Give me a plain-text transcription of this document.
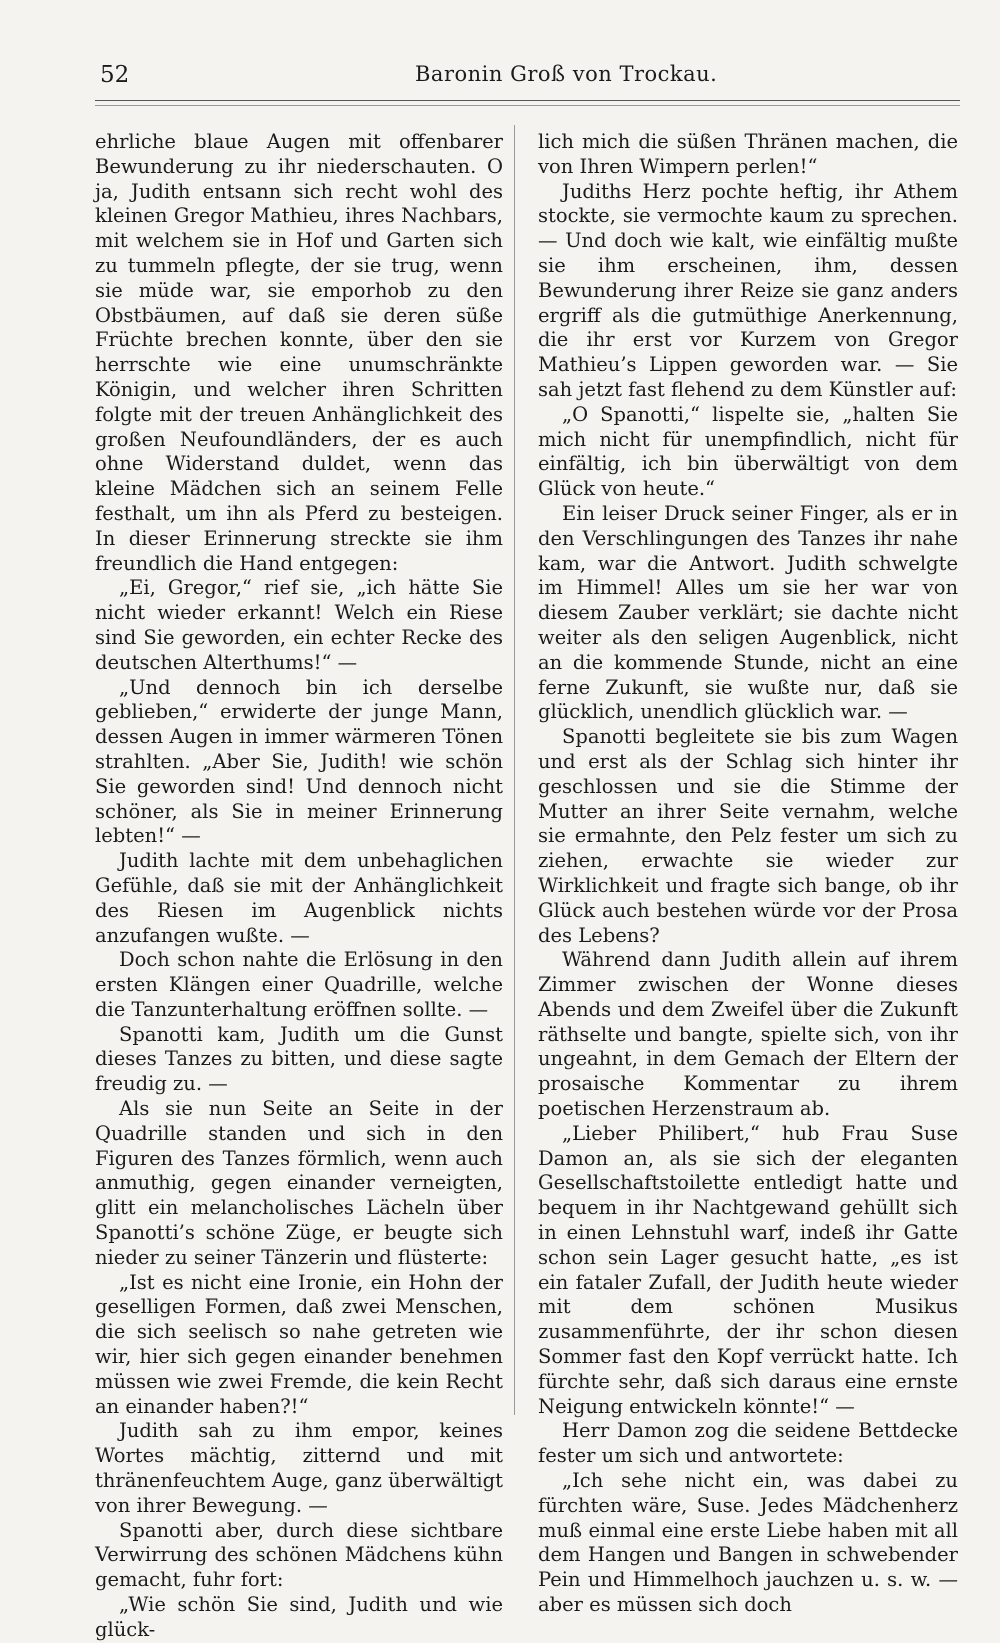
52	Baronin Groß von Trockau.

ehrliche blaue Augen mit offenbarer Bewunderung zu ihr niederschauten. O ja, Judith entsann sich recht wohl des kleinen Gregor Mathieu, ihres Nachbars, mit welchem sie in Hof und Garten sich zu tummeln pflegte, der sie trug, wenn sie müde war, sie emporhob zu den Obstbäumen, auf daß sie deren süße Früchte brechen konnte, über den sie herrschte wie eine unumschränkte Königin, und welcher ihren Schritten folgte mit der treuen Anhänglichkeit des großen Neufoundländers, der es auch ohne Widerstand duldet, wenn das kleine Mädchen sich an seinem Felle festhalt, um ihn als Pferd zu besteigen. In dieser Erinnerung streckte sie ihm freundlich die Hand entgegen:

„Ei, Gregor,“ rief sie, „ich hätte Sie nicht wieder erkannt! Welch ein Riese sind Sie geworden, ein echter Recke des deutschen Alterthums!“ —

„Und dennoch bin ich derselbe geblieben,“ erwiderte der junge Mann, dessen Augen in immer wärmeren Tönen strahlten. „Aber Sie, Judith! wie schön Sie geworden sind! Und dennoch nicht schöner, als Sie in meiner Erinnerung lebten!“ —

Judith lachte mit dem unbehaglichen Gefühle, daß sie mit der Anhänglichkeit des Riesen im Augenblick nichts anzufangen wußte. —

Doch schon nahte die Erlösung in den ersten Klängen einer Quadrille, welche die Tanzunterhaltung eröffnen sollte. —

Spanotti kam, Judith um die Gunst dieses Tanzes zu bitten, und diese sagte freudig zu. —

Als sie nun Seite an Seite in der Quadrille standen und sich in den Figuren des Tanzes förmlich, wenn auch anmuthig, gegen einander verneigten, glitt ein melancholisches Lächeln über Spanotti’s schöne Züge, er beugte sich nieder zu seiner Tänzerin und flüsterte:

„Ist es nicht eine Ironie, ein Hohn der geselligen Formen, daß zwei Menschen, die sich seelisch so nahe getreten wie wir, hier sich gegen einander benehmen müssen wie zwei Fremde, die kein Recht an einander haben?!“

Judith sah zu ihm empor, keines Wortes mächtig, zitternd und mit thränenfeuchtem Auge, ganz überwältigt von ihrer Bewegung. —

Spanotti aber, durch diese sichtbare Verwirrung des schönen Mädchens kühn gemacht, fuhr fort:

„Wie schön Sie sind, Judith und wie glück-

lich mich die süßen Thränen machen, die von Ihren Wimpern perlen!“

Judiths Herz pochte heftig, ihr Athem stockte, sie vermochte kaum zu sprechen. — Und doch wie kalt, wie einfältig mußte sie ihm erscheinen, ihm, dessen Bewunderung ihrer Reize sie ganz anders ergriff als die gutmüthige Anerkennung, die ihr erst vor Kurzem von Gregor Mathieu’s Lippen geworden war. — Sie sah jetzt fast flehend zu dem Künstler auf:

„O Spanotti,“ lispelte sie, „halten Sie mich nicht für unempfindlich, nicht für einfältig, ich bin überwältigt von dem Glück von heute.“

Ein leiser Druck seiner Finger, als er in den Verschlingungen des Tanzes ihr nahe kam, war die Antwort. Judith schwelgte im Himmel! Alles um sie her war von diesem Zauber verklärt; sie dachte nicht weiter als den seligen Augenblick, nicht an die kommende Stunde, nicht an eine ferne Zukunft, sie wußte nur, daß sie glücklich, unendlich glücklich war. —

Spanotti begleitete sie bis zum Wagen und erst als der Schlag sich hinter ihr geschlossen und sie die Stimme der Mutter an ihrer Seite vernahm, welche sie ermahnte, den Pelz fester um sich zu ziehen, erwachte sie wieder zur Wirklichkeit und fragte sich bange, ob ihr Glück auch bestehen würde vor der Prosa des Lebens?

Während dann Judith allein auf ihrem Zimmer zwischen der Wonne dieses Abends und dem Zweifel über die Zukunft räthselte und bangte, spielte sich, von ihr ungeahnt, in dem Gemach der Eltern der prosaische Kommentar zu ihrem poetischen Herzenstraum ab.

„Lieber Philibert,“ hub Frau Suse Damon an, als sie sich der eleganten Gesellschaftstoilette entledigt hatte und bequem in ihr Nachtgewand gehüllt sich in einen Lehnstuhl warf, indeß ihr Gatte schon sein Lager gesucht hatte, „es ist ein fataler Zufall, der Judith heute wieder mit dem schönen Musikus zusammenführte, der ihr schon diesen Sommer fast den Kopf verrückt hatte. Ich fürchte sehr, daß sich daraus eine ernste Neigung entwickeln könnte!“ —

Herr Damon zog die seidene Bettdecke fester um sich und antwortete:

„Ich sehe nicht ein, was dabei zu fürchten wäre, Suse. Jedes Mädchenherz muß einmal eine erste Liebe haben mit all dem Hangen und Bangen in schwebender Pein und Himmelhoch jauchzen u. s. w. — aber es müssen sich doch
